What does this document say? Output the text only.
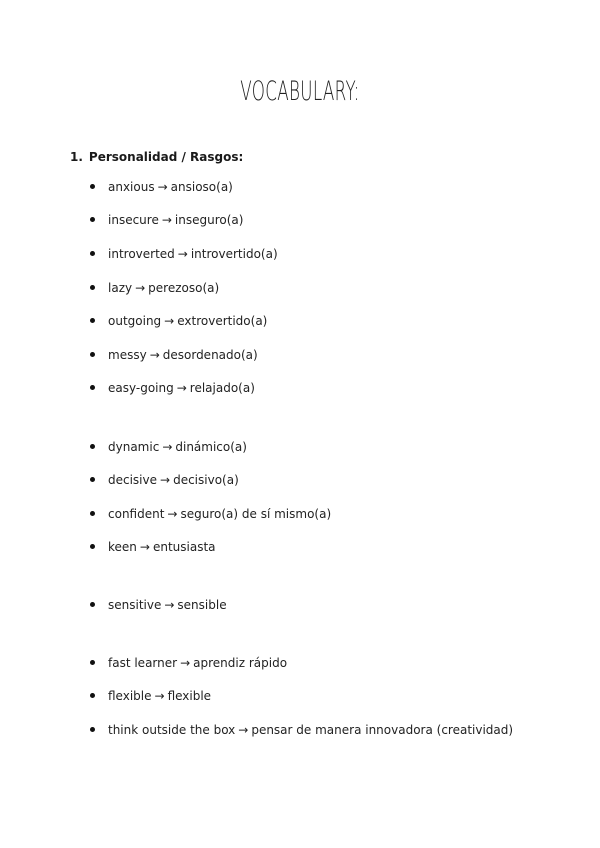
VOCABULARY:
1. Personalidad / Rasgos:
anxious → ansioso(a)
insecure → inseguro(a)
introverted → introvertido(a)
lazy → perezoso(a)
outgoing → extrovertido(a)
messy → desordenado(a)
easy-going → relajado(a)
dynamic → dinámico(a)
decisive → decisivo(a)
confident → seguro(a) de sí mismo(a)
keen → entusiasta
sensitive → sensible
fast learner → aprendiz rápido
flexible → flexible
think outside the box → pensar de manera innovadora (creatividad)
